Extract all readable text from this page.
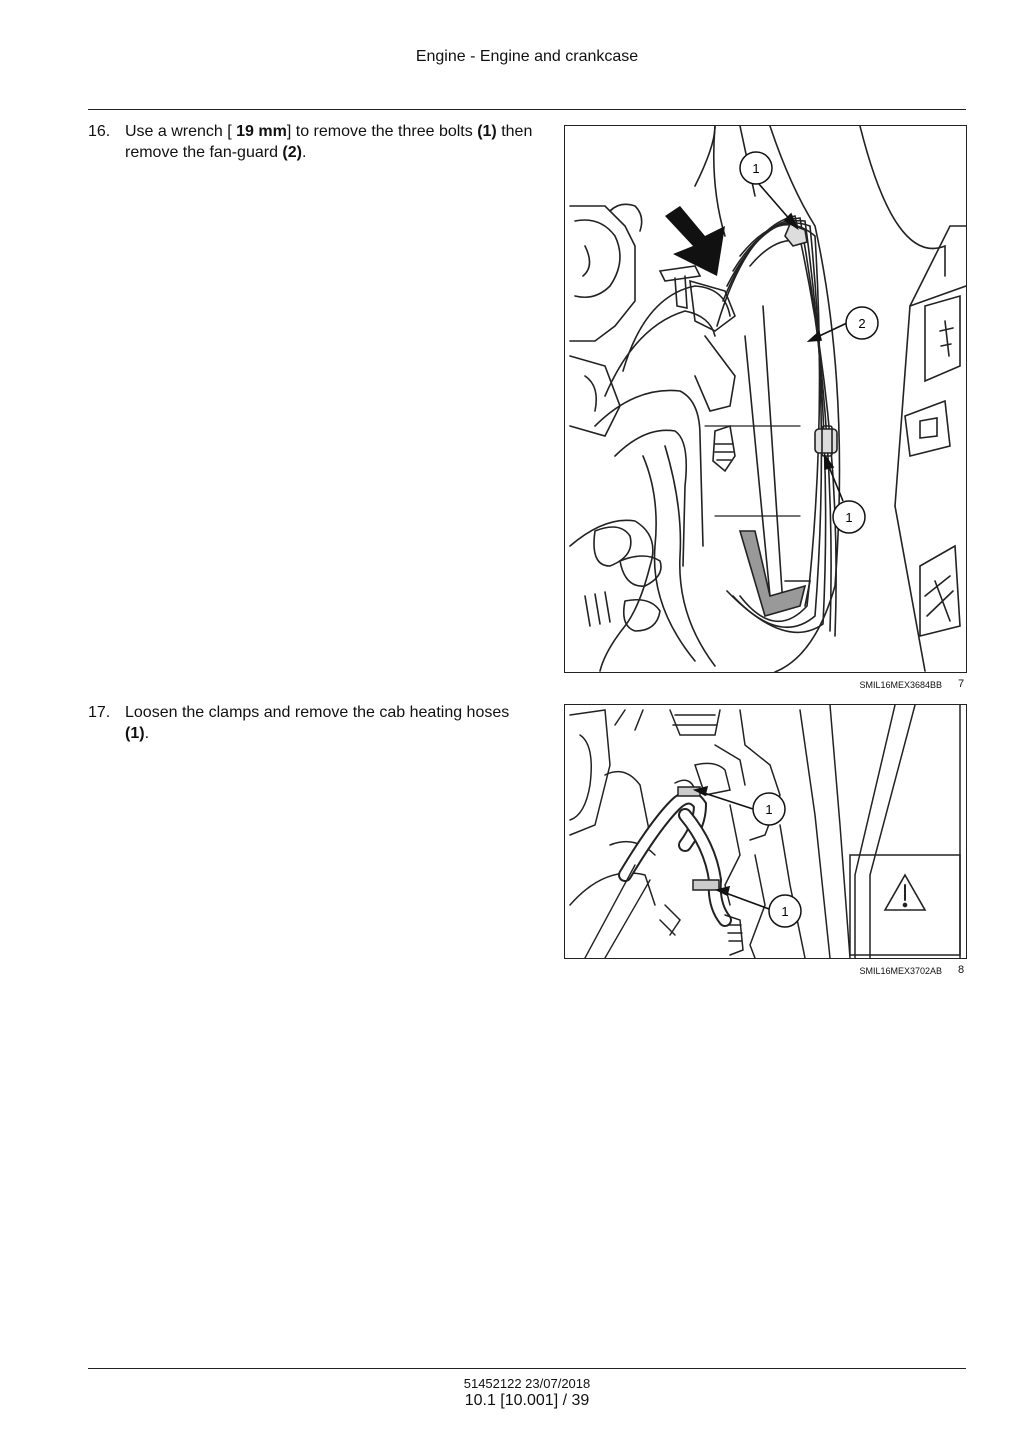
Engine - Engine and crankcase
16. Use a wrench [ 19 mm] to remove the three bolts (1) then remove the fan-guard (2).
1
2
1
SMIL16MEX3684BB 7
17. Loosen the clamps and remove the cab heating hoses (1).
1
1
SMIL16MEX3702AB 8
51452122 23/07/2018
10.1 [10.001] / 39
